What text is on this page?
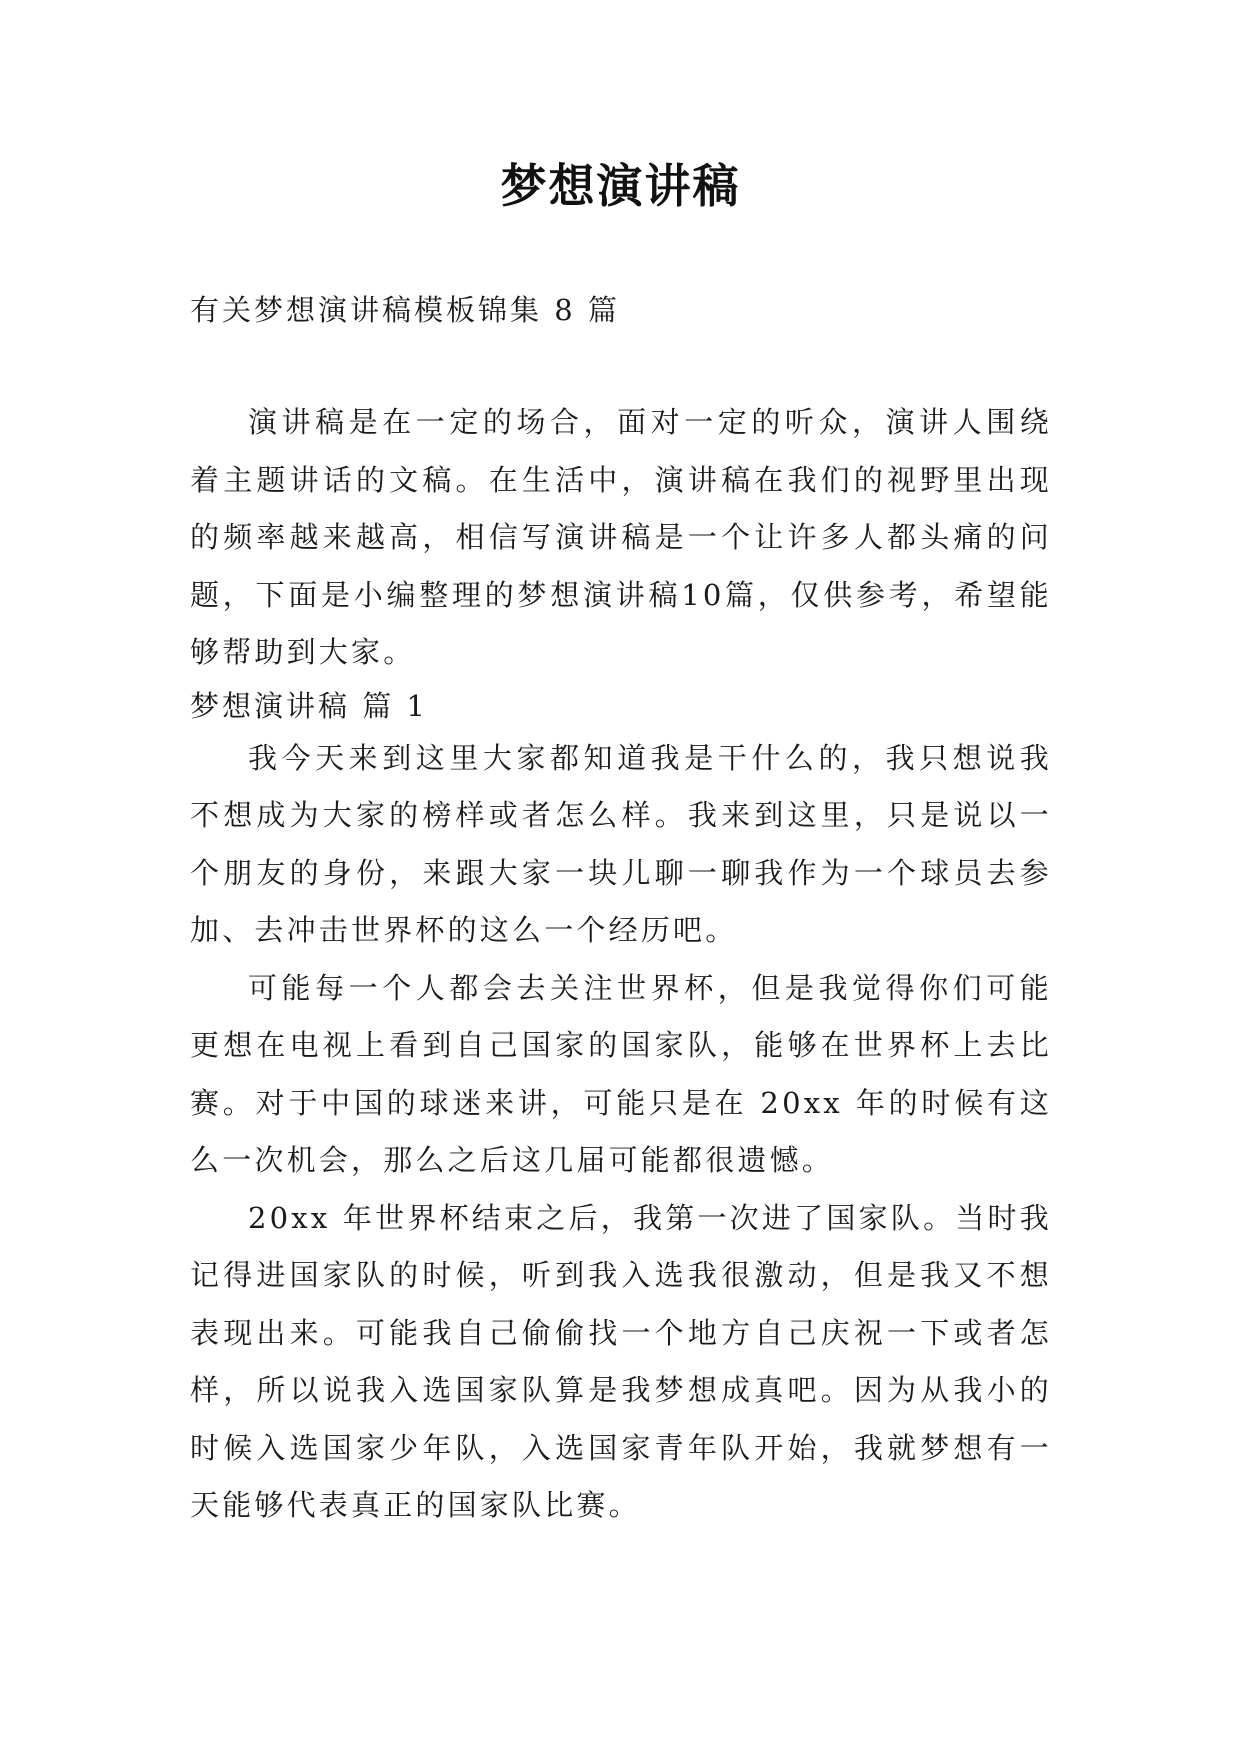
梦想演讲稿

有关梦想演讲稿模板锦集 8 篇

演讲稿是在一定的场合，面对一定的听众，演讲人围绕着主题讲话的文稿。在生活中，演讲稿在我们的视野里出现的频率越来越高，相信写演讲稿是一个让许多人都头痛的问题，下面是小编整理的梦想演讲稿10篇，仅供参考，希望能够帮助到大家。

梦想演讲稿 篇 1

我今天来到这里大家都知道我是干什么的，我只想说我不想成为大家的榜样或者怎么样。我来到这里，只是说以一个朋友的身份，来跟大家一块儿聊一聊我作为一个球员去参加、去冲击世界杯的这么一个经历吧。

可能每一个人都会去关注世界杯，但是我觉得你们可能更想在电视上看到自己国家的国家队，能够在世界杯上去比赛。对于中国的球迷来讲，可能只是在 20xx 年的时候有这么一次机会，那么之后这几届可能都很遗憾。

20xx 年世界杯结束之后，我第一次进了国家队。当时我记得进国家队的时候，听到我入选我很激动，但是我又不想表现出来。可能我自己偷偷找一个地方自己庆祝一下或者怎样，所以说我入选国家队算是我梦想成真吧。因为从我小的时候入选国家少年队，入选国家青年队开始，我就梦想有一天能够代表真正的国家队比赛。
